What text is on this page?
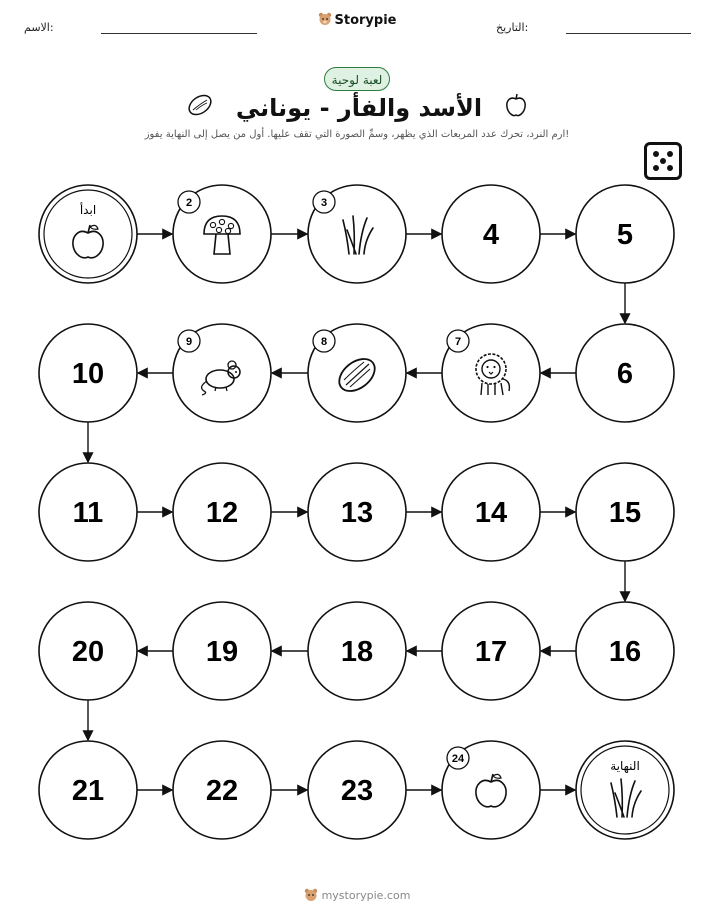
الاسم:	Storypie	التاريخ:
لعبة لوحية
الأسد والفأر - يوناني
ارم النرد، تحرك عدد المربعات الذي يظهر، وسمِّ الصورة التي تقف عليها. أول من يصل إلى النهاية يفوز!
ابدأ	2	3
4	5
6
7
8
9
10
11	12	13	14	15
16
17
18
19
20
21	22	23
24	النهاية
mystorypie.com
